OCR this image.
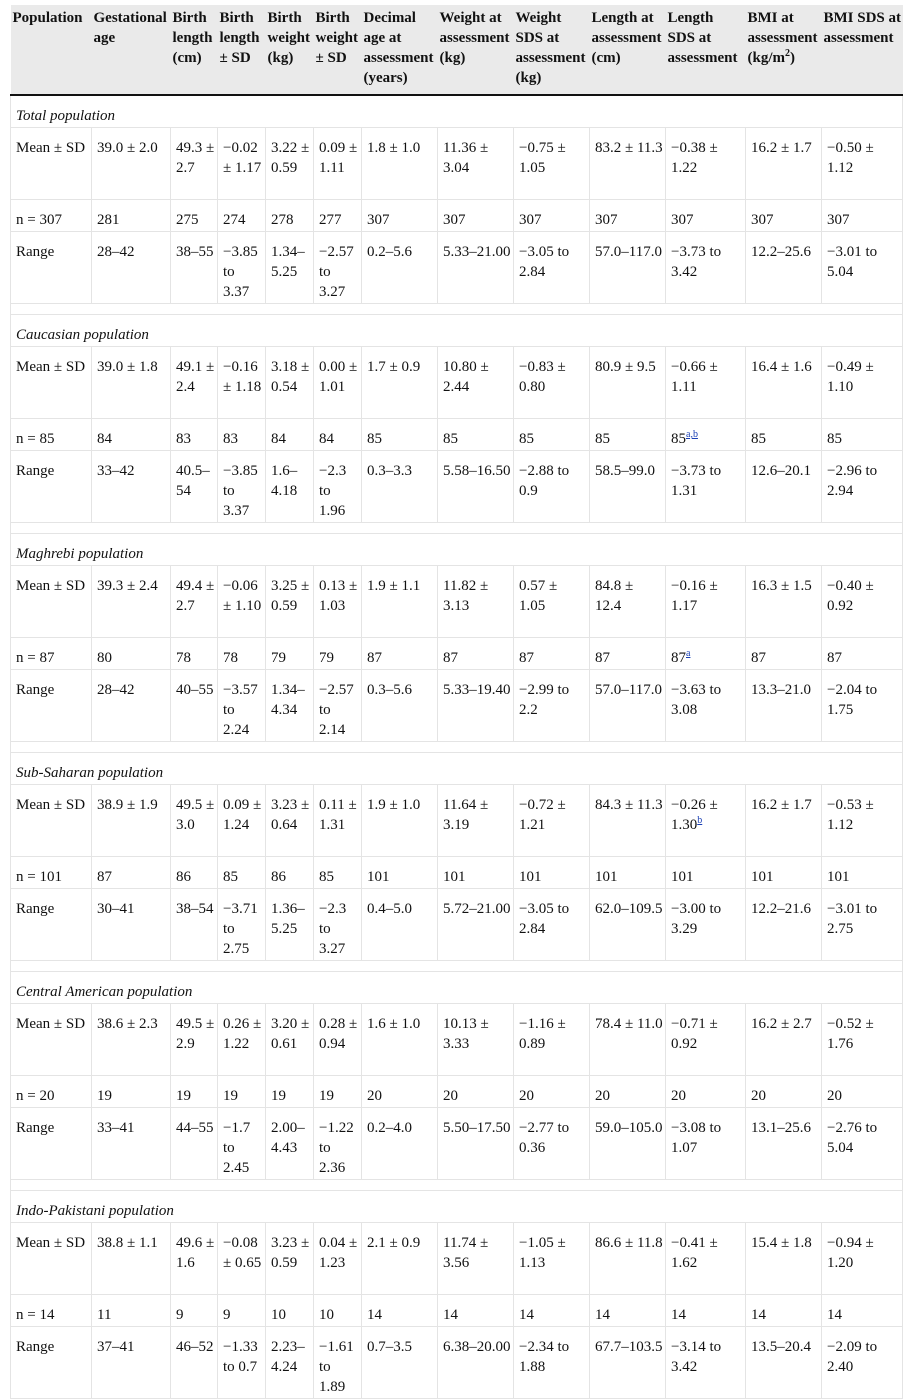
Population	Gestational age	Birth length (cm)	Birth length ± SD	Birth weight (kg)	Birth weight ± SD	Decimal age at assessment (years)	Weight at assessment (kg)	Weight SDS at assessment (kg)	Length at assessment (cm)	Length SDS at assessment	BMI at assessment $(kg/m^2)$	BMI SDS at assessment
Total population												
Mean ± SD	39.0 ± 2.0	49.3 ± 2.7	−0.02 ± 1.17	3.22 ± 0.59	0.09 ± 1.11	1.8 ± 1.0	11.36 ± 3.04	−0.75 ± 1.05	83.2 ± 11.3	−0.38 ± 1.22	16.2 ± 1.7	−0.50 ± 1.12
n = 307	281	275	274	278	277	307	307	307	307	307	307	307
Range	28–42	38–55	−3.85 to 3.37	1.34–5.25	−2.57 to 3.27	0.2–5.6	5.33–21.00	−3.05 to 2.84	57.0–117.0	−3.73 to 3.42	12.2–25.6	−3.01 to 5.04

Caucasian population												
Mean ± SD	39.0 ± 1.8	49.1 ± 2.4	−0.16 ± 1.18	3.18 ± 0.54	0.00 ± 1.01	1.7 ± 0.9	10.80 ± 2.44	−0.83 ± 0.80	80.9 ± 9.5	−0.66 ± 1.11	16.4 ± 1.6	−0.49 ± 1.10
n = 85	84	83	83	84	84	85	85	85	85	85$^{a,b}$	85	85
Range	33–42	40.5–54	−3.85 to 3.37	1.6–4.18	−2.3 to 1.96	0.3–3.3	5.58–16.50	−2.88 to 0.9	58.5–99.0	−3.73 to 1.31	12.6–20.1	−2.96 to 2.94

Maghrebi population												
Mean ± SD	39.3 ± 2.4	49.4 ± 2.7	−0.06 ± 1.10	3.25 ± 0.59	0.13 ± 1.03	1.9 ± 1.1	11.82 ± 3.13	0.57 ± 1.05	84.8 ± 12.4	−0.16 ± 1.17	16.3 ± 1.5	−0.40 ± 0.92
n = 87	80	78	78	79	79	87	87	87	87	87$^a$	87	87
Range	28–42	40–55	−3.57 to 2.24	1.34–4.34	−2.57 to 2.14	0.3–5.6	5.33–19.40	−2.99 to 2.2	57.0–117.0	−3.63 to 3.08	13.3–21.0	−2.04 to 1.75

Sub-Saharan population												
Mean ± SD	38.9 ± 1.9	49.5 ± 3.0	0.09 ± 1.24	3.23 ± 0.64	0.11 ± 1.31	1.9 ± 1.0	11.64 ± 3.19	−0.72 ± 1.21	84.3 ± 11.3	−0.26 ± 1.30$^b$	16.2 ± 1.7	−0.53 ± 1.12
n = 101	87	86	85	86	85	101	101	101	101	101	101	101
Range	30–41	38–54	−3.71 to 2.75	1.36–5.25	−2.3 to 3.27	0.4–5.0	5.72–21.00	−3.05 to 2.84	62.0–109.5	−3.00 to 3.29	12.2–21.6	−3.01 to 2.75

Central American population												
Mean ± SD	38.6 ± 2.3	49.5 ± 2.9	0.26 ± 1.22	3.20 ± 0.61	0.28 ± 0.94	1.6 ± 1.0	10.13 ± 3.33	−1.16 ± 0.89	78.4 ± 11.0	−0.71 ± 0.92	16.2 ± 2.7	−0.52 ± 1.76
n = 20	19	19	19	19	19	20	20	20	20	20	20	20
Range	33–41	44–55	−1.7 to 2.45	2.00–4.43	−1.22 to 2.36	0.2–4.0	5.50–17.50	−2.77 to 0.36	59.0–105.0	−3.08 to 1.07	13.1–25.6	−2.76 to 5.04

Indo-Pakistani population												
Mean ± SD	38.8 ± 1.1	49.6 ± 1.6	−0.08 ± 0.65	3.23 ± 0.59	0.04 ± 1.23	2.1 ± 0.9	11.74 ± 3.56	−1.05 ± 1.13	86.6 ± 11.8	−0.41 ± 1.62	15.4 ± 1.8	−0.94 ± 1.20
n = 14	11	9	9	10	10	14	14	14	14	14	14	14
Range	37–41	46–52	−1.33 to 0.7	2.23–4.24	−1.61 to 1.89	0.7–3.5	6.38–20.00	−2.34 to 1.88	67.7–103.5	−3.14 to 3.42	13.5–20.4	−2.09 to 2.40
